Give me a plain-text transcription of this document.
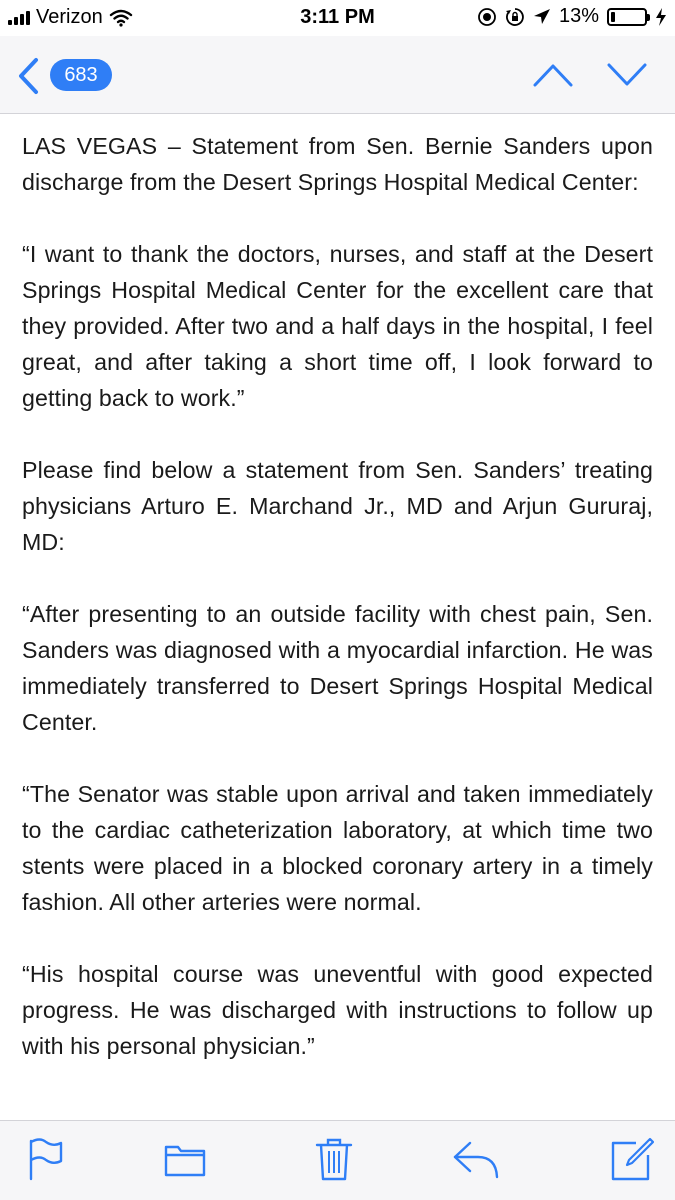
Verizon	3:11 PM	13%
683

LAS VEGAS – Statement from Sen. Bernie Sanders upon discharge from the Desert Springs Hospital Medical Center:

“I want to thank the doctors, nurses, and staff at the Desert Springs Hospital Medical Center for the excellent care that they provided. After two and a half days in the hospital, I feel great, and after taking a short time off, I look forward to getting back to work.”

Please find below a statement from Sen. Sanders’ treating physicians Arturo E. Marchand Jr., MD and Arjun Gururaj, MD:

“After presenting to an outside facility with chest pain, Sen. Sanders was diagnosed with a myocardial infarction. He was immediately transferred to Desert Springs Hospital Medical Center.

“The Senator was stable upon arrival and taken immediately to the cardiac catheterization laboratory, at which time two stents were placed in a blocked coronary artery in a timely fashion. All other arteries were normal.

“His hospital course was uneventful with good expected progress. He was discharged with instructions to follow up with his personal physician.”
